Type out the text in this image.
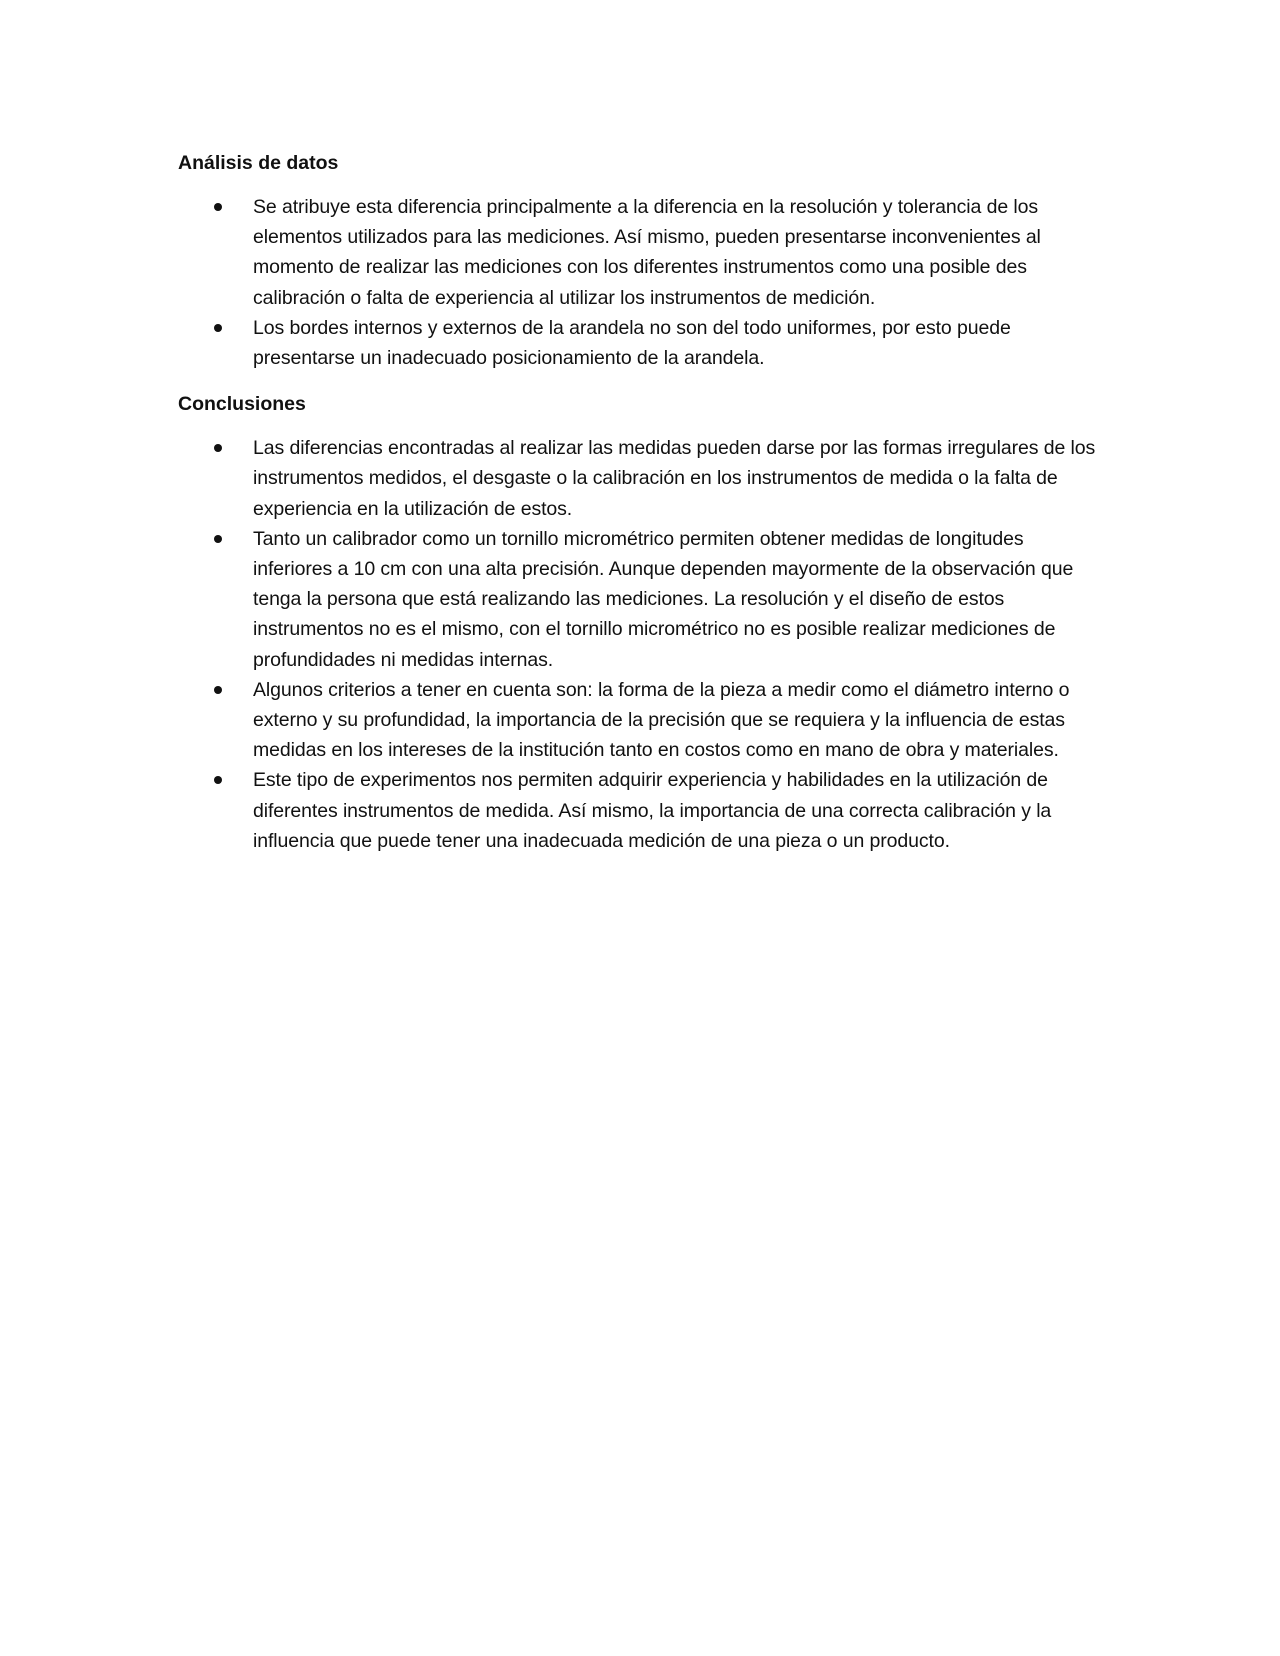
Análisis de datos
Se atribuye esta diferencia principalmente a la diferencia en la resolución y tolerancia de los elementos utilizados para las mediciones. Así mismo, pueden presentarse inconvenientes al momento de realizar las mediciones con los diferentes instrumentos como una posible des calibración o falta de experiencia al utilizar los instrumentos de medición.
Los bordes internos y externos de la arandela no son del todo uniformes, por esto puede presentarse un inadecuado posicionamiento de la arandela.
Conclusiones
Las diferencias encontradas al realizar las medidas pueden darse por las formas irregulares de los instrumentos medidos, el desgaste o la calibración en los instrumentos de medida o la falta de experiencia en la utilización de estos.
Tanto un calibrador como un tornillo micrométrico permiten obtener medidas de longitudes inferiores a 10 cm con una alta precisión. Aunque dependen mayormente de la observación que tenga la persona que está realizando las mediciones. La resolución y el diseño de estos instrumentos no es el mismo, con el tornillo micrométrico no es posible realizar mediciones de profundidades ni medidas internas.
Algunos criterios a tener en cuenta son: la forma de la pieza a medir como el diámetro interno o externo y su profundidad, la importancia de la precisión que se requiera y la influencia de estas medidas en los intereses de la institución tanto en costos como en mano de obra y materiales.
Este tipo de experimentos nos permiten adquirir experiencia y habilidades en la utilización de diferentes instrumentos de medida. Así mismo, la importancia de una correcta calibración y la influencia que puede tener una inadecuada medición de una pieza o un producto.
